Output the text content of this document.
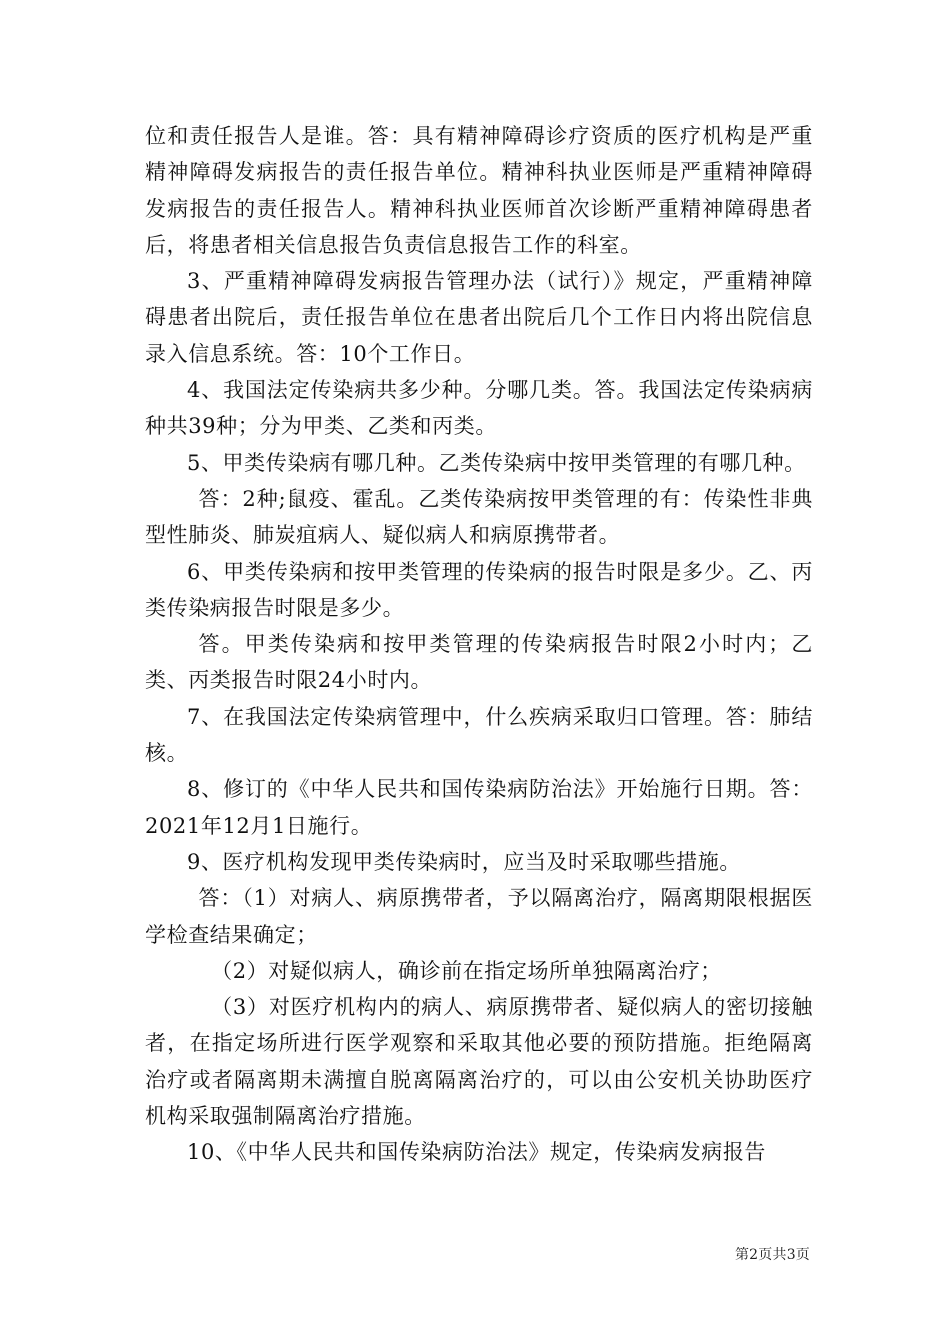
位和责任报告人是谁。答：具有精神障碍诊疗资质的医疗机构是严重精神障碍发病报告的责任报告单位。精神科执业医师是严重精神障碍发病报告的责任报告人。精神科执业医师首次诊断严重精神障碍患者后，将患者相关信息报告负责信息报告工作的科室。

3、严重精神障碍发病报告管理办法（试行）》规定，严重精神障碍患者出院后，责任报告单位在患者出院后几个工作日内将出院信息录入信息系统。答：10个工作日。

4、我国法定传染病共多少种。分哪几类。答。我国法定传染病病种共39种；分为甲类、乙类和丙类。

5、甲类传染病有哪几种。乙类传染病中按甲类管理的有哪几种。

答：2种;鼠疫、霍乱。乙类传染病按甲类管理的有：传染性非典型性肺炎、肺炭疽病人、疑似病人和病原携带者。

6、甲类传染病和按甲类管理的传染病的报告时限是多少。乙、丙类传染病报告时限是多少。

答。甲类传染病和按甲类管理的传染病报告时限2小时内；乙类、丙类报告时限24小时内。

7、在我国法定传染病管理中，什么疾病采取归口管理。答：肺结核。

8、修订的《中华人民共和国传染病防治法》开始施行日期。答：2021年12月1日施行。

9、医疗机构发现甲类传染病时，应当及时采取哪些措施。

答：（1）对病人、病原携带者，予以隔离治疗，隔离期限根据医学检查结果确定；

（2）对疑似病人，确诊前在指定场所单独隔离治疗；

（3）对医疗机构内的病人、病原携带者、疑似病人的密切接触者，在指定场所进行医学观察和采取其他必要的预防措施。拒绝隔离治疗或者隔离期未满擅自脱离隔离治疗的，可以由公安机关协助医疗机构采取强制隔离治疗措施。

10、《中华人民共和国传染病防治法》规定，传染病发病报告

第2页共3页
